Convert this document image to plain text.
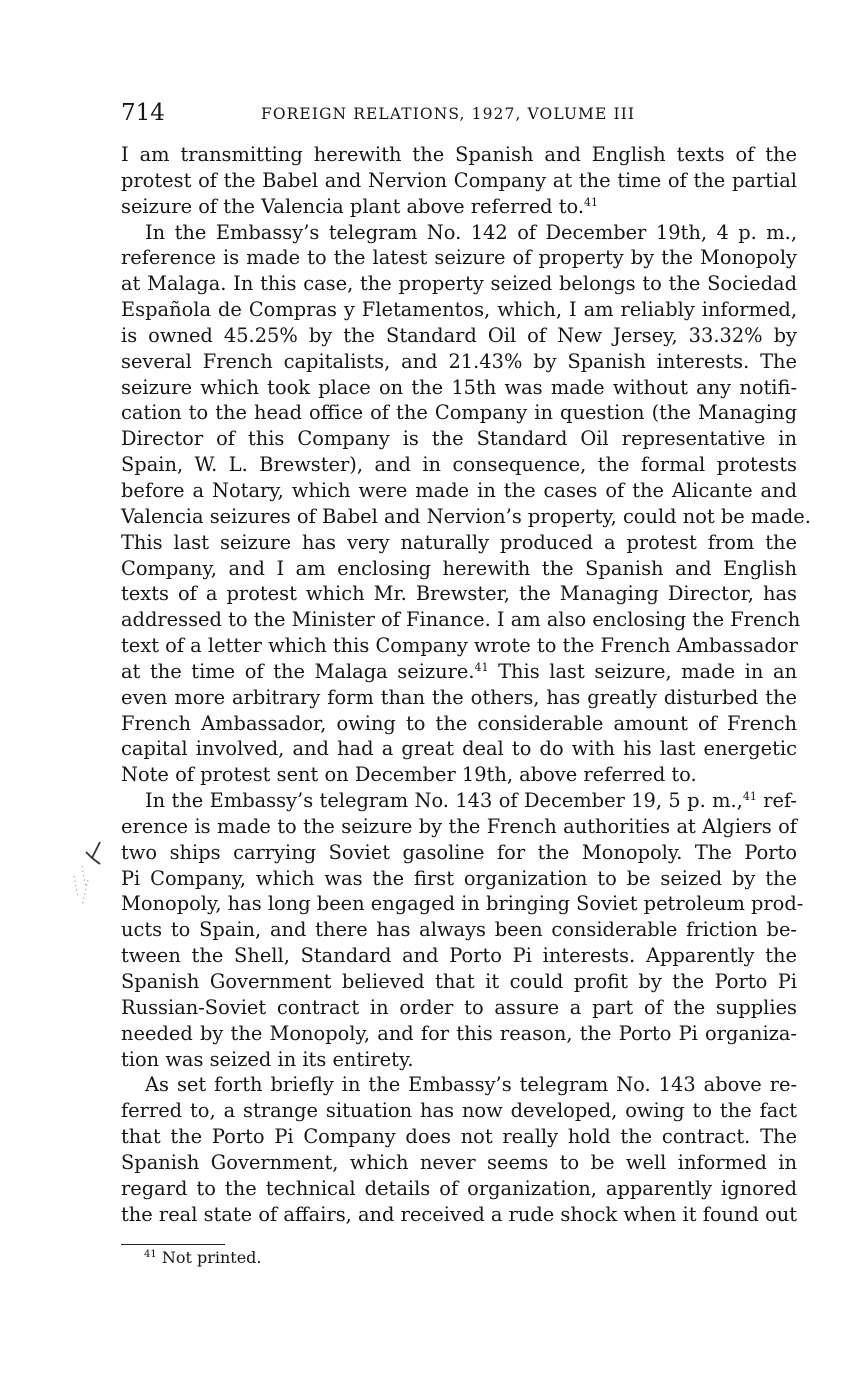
714	FOREIGN RELATIONS, 1927, VOLUME III
I am transmitting herewith the Spanish and English texts of the
protest of the Babel and Nervion Company at the time of the partial
seizure of the Valencia plant above referred to.$^{41}$
In the Embassy’s telegram No. 142 of December 19th, 4 p. m.,
reference is made to the latest seizure of property by the Monopoly
at Malaga. In this case, the property seized belongs to the Sociedad
Española de Compras y Fletamentos, which, I am reliably informed,
is owned 45.25% by the Standard Oil of New Jersey, 33.32% by
several French capitalists, and 21.43% by Spanish interests. The
seizure which took place on the 15th was made without any notifi-
cation to the head office of the Company in question (the Managing
Director of this Company is the Standard Oil representative in
Spain, W. L. Brewster), and in consequence, the formal protests
before a Notary, which were made in the cases of the Alicante and
Valencia seizures of Babel and Nervion’s property, could not be made.
This last seizure has very naturally produced a protest from the
Company, and I am enclosing herewith the Spanish and English
texts of a protest which Mr. Brewster, the Managing Director, has
addressed to the Minister of Finance. I am also enclosing the French
text of a letter which this Company wrote to the French Ambassador
at the time of the Malaga seizure.$^{41}$ This last seizure, made in an
even more arbitrary form than the others, has greatly disturbed the
French Ambassador, owing to the considerable amount of French
capital involved, and had a great deal to do with his last energetic
Note of protest sent on December 19th, above referred to.
In the Embassy’s telegram No. 143 of December 19, 5 p. m.,$^{41}$ ref-
erence is made to the seizure by the French authorities at Algiers of
two ships carrying Soviet gasoline for the Monopoly. The Porto
Pi Company, which was the first organization to be seized by the
Monopoly, has long been engaged in bringing Soviet petroleum prod-
ucts to Spain, and there has always been considerable friction be-
tween the Shell, Standard and Porto Pi interests. Apparently the
Spanish Government believed that it could profit by the Porto Pi
Russian-Soviet contract in order to assure a part of the supplies
needed by the Monopoly, and for this reason, the Porto Pi organiza-
tion was seized in its entirety.
As set forth briefly in the Embassy’s telegram No. 143 above re-
ferred to, a strange situation has now developed, owing to the fact
that the Porto Pi Company does not really hold the contract. The
Spanish Government, which never seems to be well informed in
regard to the technical details of organization, apparently ignored
the real state of affairs, and received a rude shock when it found out
$^{41}$ Not printed.
